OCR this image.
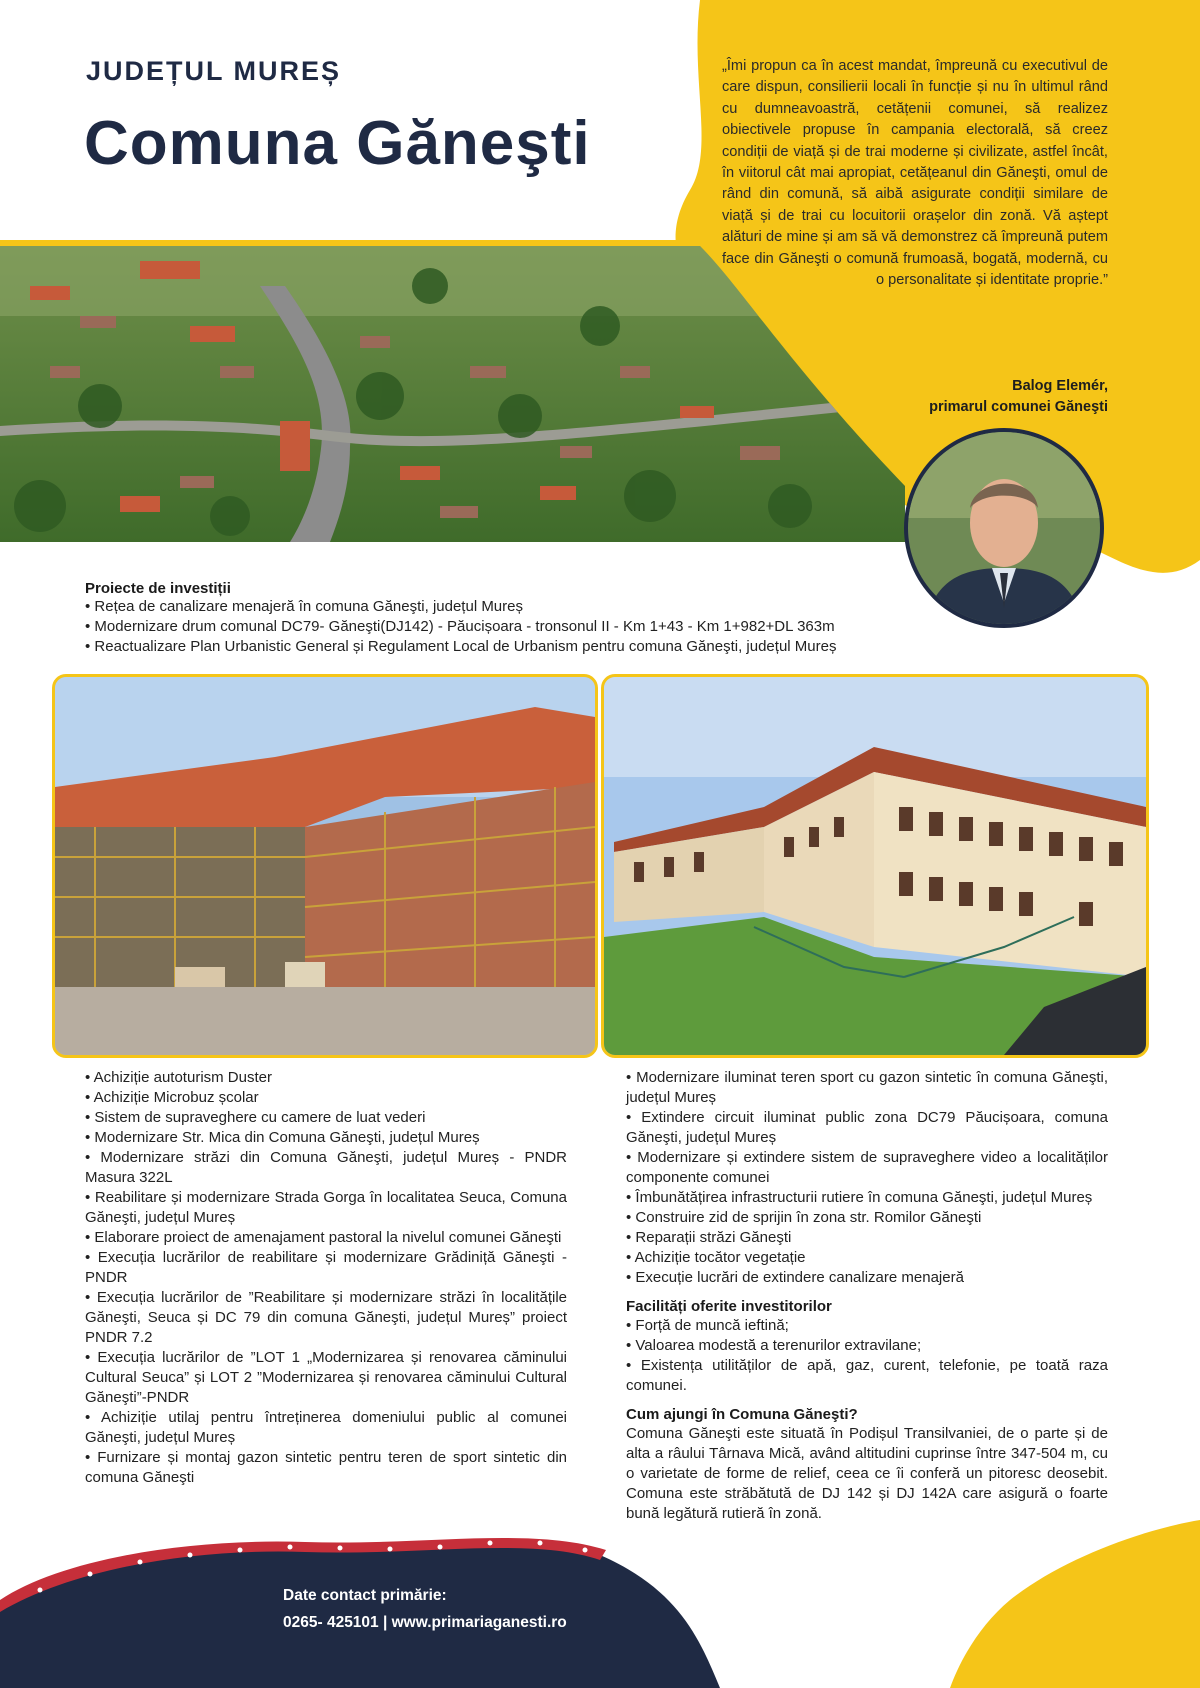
JUDEȚUL MUREȘ
Comuna Găneşti
„Îmi propun ca în acest mandat, împreună cu executivul de care dispun, consilierii locali în funcție și nu în ultimul rând cu dumneavoastră, cetățenii comunei, să realizez obiectivele propuse în campania electorală, să creez condiții de viață și de trai moderne și civilizate, astfel încât, în viitorul cât mai apropiat, cetățeanul din Găneşti, omul de rând din comună, să aibă asigurate condiții similare de viață și de trai cu locuitorii orașelor din zonă. Vă aștept alături de mine și am să vă demonstrez că împreună putem face din Găneşti o comună frumoasă, bogată, modernă, cu o personalitate și identitate proprie.”
Balog Elemér,
primarul comunei Găneşti
Proiecte de investiții
• Rețea de canalizare menajeră în comuna Găneşti, județul Mureș
• Modernizare drum comunal DC79- Găneşti(DJ142) - Păucișoara - tronsonul II - Km 1+43 - Km 1+982+DL 363m
• Reactualizare Plan Urbanistic General și Regulament Local de Urbanism pentru comuna Găneşti, județul Mureș
• Achiziție autoturism Duster
• Achiziție Microbuz școlar
• Sistem de supraveghere cu camere de luat vederi
• Modernizare Str. Mica din Comuna Găneşti, județul Mureș
• Modernizare străzi din Comuna Găneşti, județul Mureș - PNDR Masura 322L
• Reabilitare și modernizare Strada Gorga în localitatea Seuca, Comuna Găneşti, județul Mureș
• Elaborare proiect de amenajament pastoral la nivelul comunei Găneşti
• Execuția lucrărilor de reabilitare și modernizare Grădiniță Găneşti - PNDR
• Execuția lucrărilor de ”Reabilitare și modernizare străzi în localitățile Găneşti, Seuca și DC 79 din comuna Găneşti, județul Mureș” proiect PNDR 7.2
• Execuția lucrărilor de ”LOT 1 „Modernizarea și renovarea căminului Cultural Seuca” și LOT 2 ”Modernizarea și renovarea căminului Cultural Găneşti”-PNDR
• Achiziție utilaj pentru întreținerea domeniului public al comunei Găneşti, județul Mureș
• Furnizare și montaj gazon sintetic pentru teren de sport sintetic din comuna Găneşti
• Modernizare iluminat teren sport cu gazon sintetic în comuna Găneşti, județul Mureș
• Extindere circuit iluminat public zona DC79 Păucișoara, comuna Găneşti, județul Mureș
• Modernizare și extindere sistem de supraveghere video a localităților componente comunei
• Îmbunătățirea infrastructurii rutiere în comuna Găneşti, județul Mureș
• Construire zid de sprijin în zona str. Romilor Găneşti
• Reparații străzi Găneşti
• Achiziție tocător vegetație
• Execuție lucrări de extindere canalizare menajeră
Facilități oferite investitorilor
• Forță de muncă ieftină;
• Valoarea modestă a terenurilor extravilane;
• Existența utilităților de apă, gaz, curent, telefonie, pe toată raza comunei.
Cum ajungi în Comuna Găneşti?

Comuna Găneşti este situată în Podișul Transilvaniei, de o parte și de alta a râului Târnava Mică, având altitudini cuprinse între 347-504 m, cu o varietate de forme de relief, ceea ce îi conferă un pitoresc deosebit. Comuna este străbătută de DJ 142 și DJ 142A care asigură o foarte bună legătură rutieră în zonă.

Date contact primărie:
0265- 425101 | www.primariaganesti.ro
